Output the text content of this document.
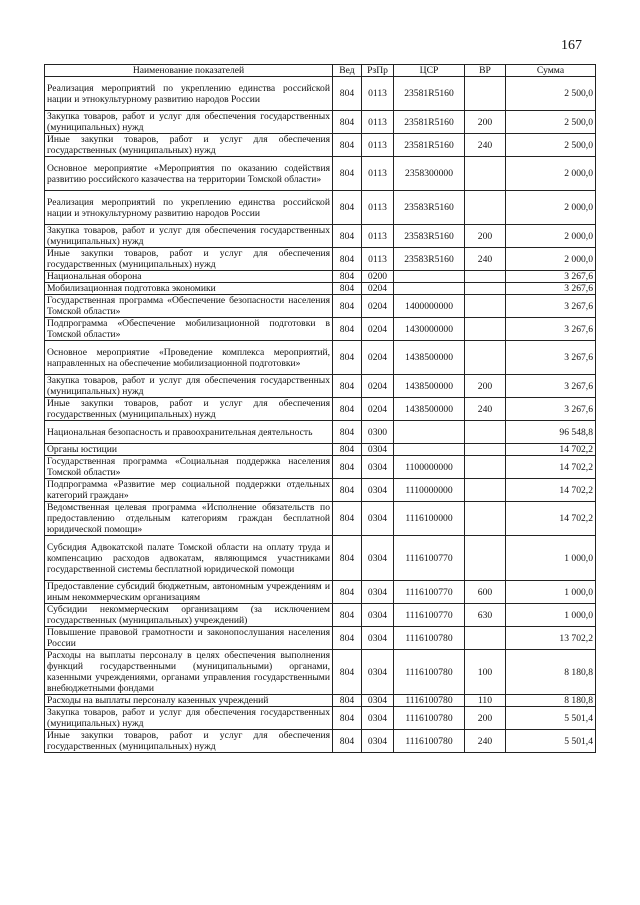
167
Наименование показателей	Вед	РзПр	ЦСР	ВР	Сумма
Реализация мероприятий по укреплению единства российской нации и этнокультурному развитию народов России	804	0113	23581R5160		2 500,0
Закупка товаров, работ и услуг для обеспечения государственных (муниципальных) нужд	804	0113	23581R5160	200	2 500,0
Иные закупки товаров, работ и услуг для обеспечения государственных (муниципальных) нужд	804	0113	23581R5160	240	2 500,0
Основное мероприятие «Мероприятия по оказанию содействия развитию российского казачества на территории Томской области»	804	0113	2358300000		2 000,0
Реализация мероприятий по укреплению единства российской нации и этнокультурному развитию народов России	804	0113	23583R5160		2 000,0
Закупка товаров, работ и услуг для обеспечения государственных (муниципальных) нужд	804	0113	23583R5160	200	2 000,0
Иные закупки товаров, работ и услуг для обеспечения государственных (муниципальных) нужд	804	0113	23583R5160	240	2 000,0
Национальная оборона	804	0200			3 267,6
Мобилизационная подготовка экономики	804	0204			3 267,6
Государственная программа «Обеспечение безопасности населения Томской области»	804	0204	1400000000		3 267,6
Подпрограмма «Обеспечение мобилизационной подготовки в Томской области»	804	0204	1430000000		3 267,6
Основное мероприятие «Проведение комплекса мероприятий, направленных на обеспечение мобилизационной подготовки»	804	0204	1438500000		3 267,6
Закупка товаров, работ и услуг для обеспечения государственных (муниципальных) нужд	804	0204	1438500000	200	3 267,6
Иные закупки товаров, работ и услуг для обеспечения государственных (муниципальных) нужд	804	0204	1438500000	240	3 267,6
Национальная безопасность и правоохранительная деятельность	804	0300			96 548,8
Органы юстиции	804	0304			14 702,2
Государственная программа «Социальная поддержка населения Томской области»	804	0304	1100000000		14 702,2
Подпрограмма «Развитие мер социальной поддержки отдельных категорий граждан»	804	0304	1110000000		14 702,2
Ведомственная целевая программа «Исполнение обязательств по предоставлению отдельным категориям граждан бесплатной юридической помощи»	804	0304	1116100000		14 702,2
Субсидия Адвокатской палате Томской области на оплату труда и компенсацию расходов адвокатам, являющимся участниками государственной системы бесплатной юридической помощи	804	0304	1116100770		1 000,0
Предоставление субсидий бюджетным, автономным учреждениям и иным некоммерческим организациям	804	0304	1116100770	600	1 000,0
Субсидии некоммерческим организациям (за исключением государственных (муниципальных) учреждений)	804	0304	1116100770	630	1 000,0
Повышение правовой грамотности и законопослушания населения России	804	0304	1116100780		13 702,2
Расходы на выплаты персоналу в целях обеспечения выполнения функций государственными (муниципальными) органами, казенными учреждениями, органами управления государственными внебюджетными фондами	804	0304	1116100780	100	8 180,8
Расходы на выплаты персоналу казенных учреждений	804	0304	1116100780	110	8 180,8
Закупка товаров, работ и услуг для обеспечения государственных (муниципальных) нужд	804	0304	1116100780	200	5 501,4
Иные закупки товаров, работ и услуг для обеспечения государственных (муниципальных) нужд	804	0304	1116100780	240	5 501,4
